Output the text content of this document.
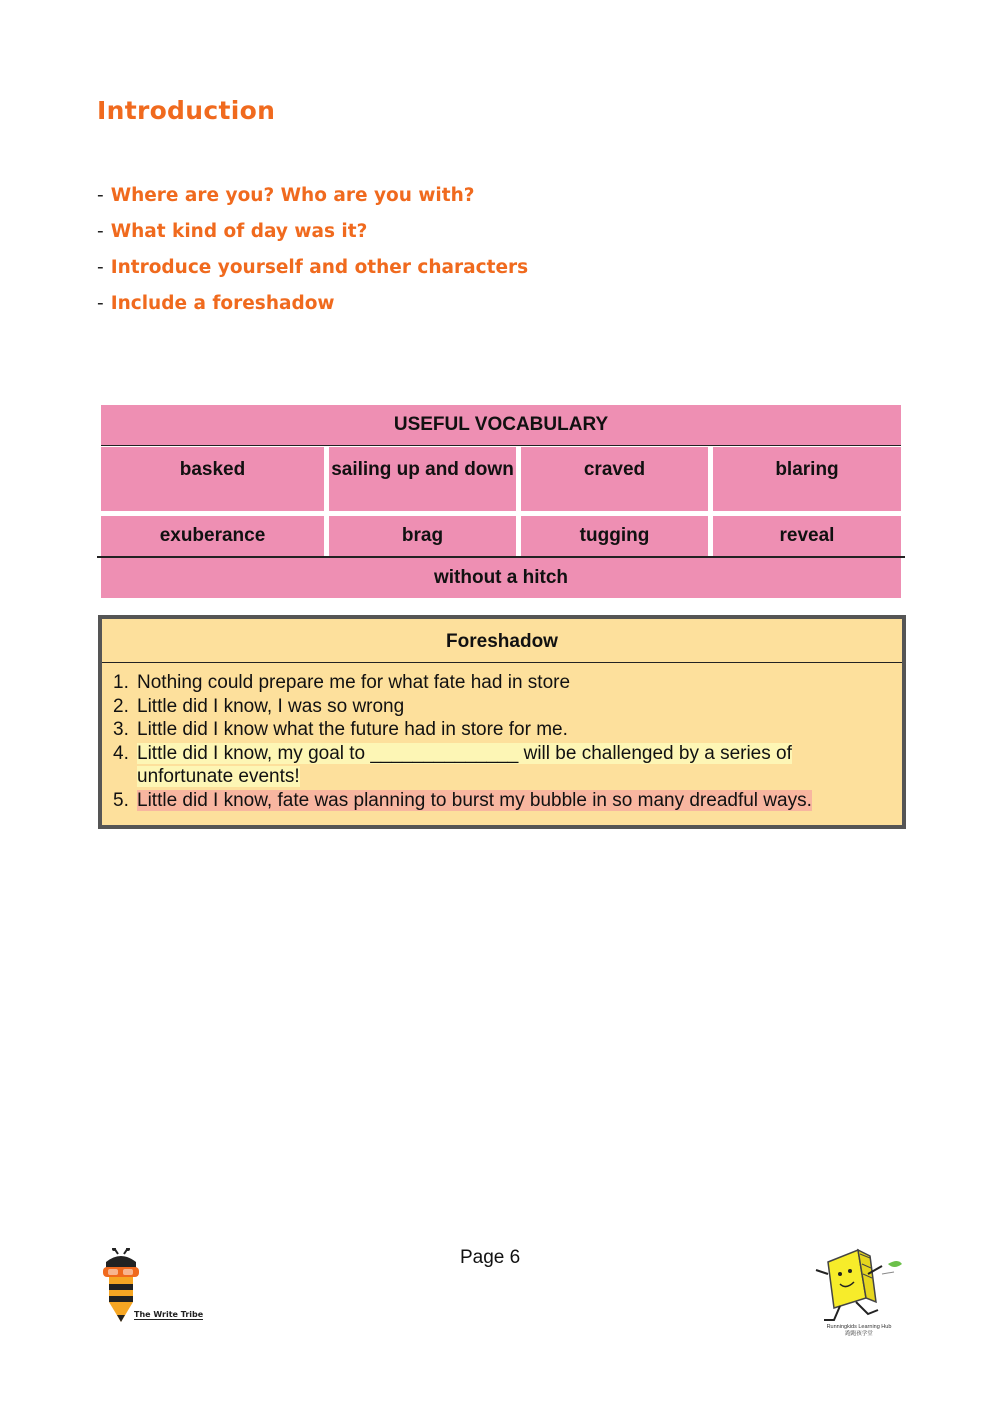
Introduction
- Where are you? Who are you with?
- What kind of day was it?
- Introduce yourself and other characters
- Include a foreshadow
USEFUL VOCABULARY
basked	sailing up and down	craved	blaring
exuberance	brag	tugging	reveal
without a hitch
Foreshadow
1. Nothing could prepare me for what fate had in store
2. Little did I know, I was so wrong
3. Little did I know what the future had in store for me.
4. Little did I know, my goal to ______________ will be challenged by a series of unfortunate events!
5. Little did I know, fate was planning to burst my bubble in so many dreadful ways.
Page 6
The Write Tribe
Runningkids Learning Hub
跑跑孩学堂
